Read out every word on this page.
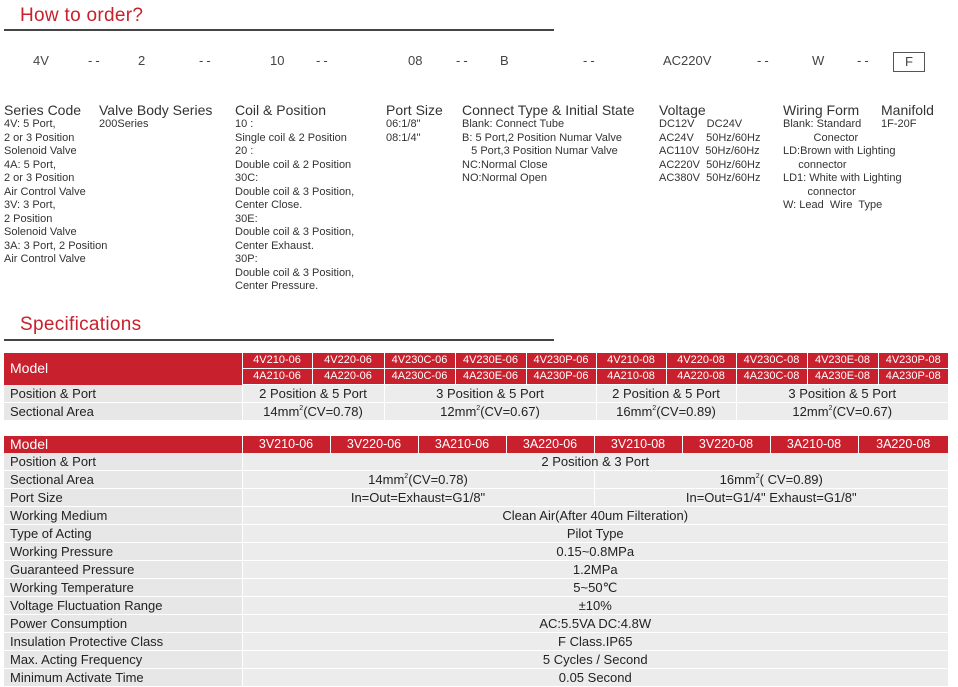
How to order?
4V	--	2	--	10 --	08	-- B	--	AC220V	--	W	--	F
Series Code
4V: 5 Port,
2 or 3 Position
Solenoid Valve
4A: 5 Port,
2 or 3 Position
Air Control Valve
3V: 3 Port,
2 Position
Solenoid Valve
3A: 3 Port, 2 Position
Air Control Valve
Valve Body Series
200Series
Coil & Position
10 :
Single coil & 2 Position
20 :
Double coil & 2 Position
30C:
Double coil & 3 Position,
Center Close.
30E:
Double coil & 3 Position,
Center Exhaust.
30P:
Double coil & 3 Position,
Center Pressure.
Port Size
06:1/8"
08:1/4"
Connect Type & Initial State
Blank: Connect Tube
B: 5 Port,2 Position Numar Valve
5 Port,3 Position Numar Valve
NC:Normal Close
NO:Normal Open
Voltage
DC12V    DC24V
AC24V    50Hz/60Hz
AC110V  50Hz/60Hz
AC220V  50Hz/60Hz
AC380V  50Hz/60Hz
Wiring Form
Blank: Standard
Conector
LD:Brown with Lighting
connector
LD1: White with Lighting
connector
W: Lead  Wire  Type
Manifold
1F-20F
Specifications
Model	4V210-06	4V220-06	4V230C-06	4V230E-06	4V230P-06	4V210-08	4V220-08	4V230C-08	4V230E-08	4V230P-08
	4A210-06	4A220-06	4A230C-06	4A230E-06	4A230P-06	4A210-08	4A220-08	4A230C-08	4A230E-08	4A230P-08
Position & Port	2 Position & 5 Port		3 Position & 5 Port			2 Position & 5 Port		3 Position & 5 Port		
Sectional Area	$14mm^2(CV=0.78)$		$12mm^2(CV=0.67)$			$16mm^2(CV=0.89)$		$12mm^2(CV=0.67)$		
Model	3V210-06	3V220-06	3A210-06	3A220-06	3V210-08	3V220-08	3A210-08	3A220-08
Position & Port	2 Position & 3 Port							
Sectional Area	$14mm^2(CV=0.78)$				$16mm^2$( CV=0.89)			
Port Size	In=Out=Exhaust=G1/8"				In=Out=G1/4" Exhaust=G1/8"			
Working Medium	Clean Air(After 40um Filteration)							
Type of Acting	Pilot Type							
Working Pressure	0.15~0.8MPa							
Guaranteed Pressure	1.2MPa							
Working Temperature	5~50℃							
Voltage Fluctuation Range	±10%							
Power Consumption	AC:5.5VA DC:4.8W							
Insulation Protective Class	F Class.IP65							
Max. Acting Frequency	5 Cycles / Second							
Minimum Activate Time	0.05 Second							
